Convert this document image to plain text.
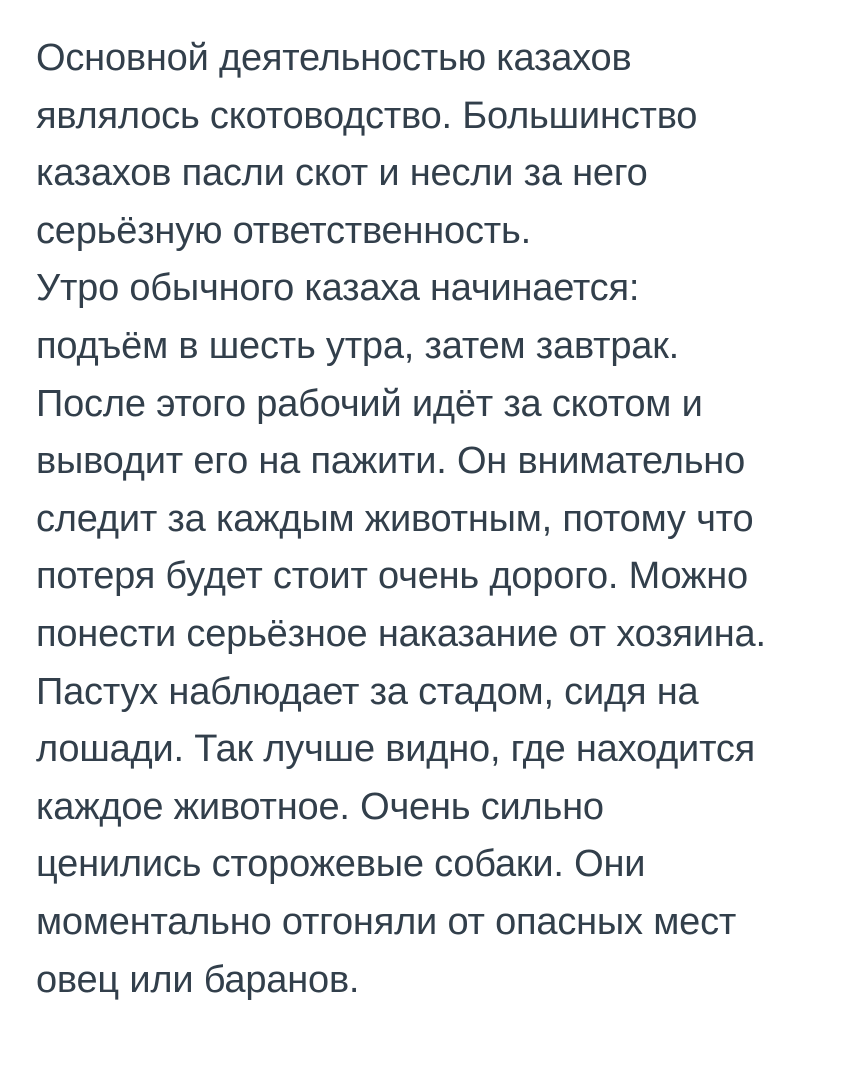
Основной деятельностью казахов
являлось скотоводство. Большинство
казахов пасли скот и несли за него
серьёзную ответственность.
Утро обычного казаха начинается:
подъём в шесть утра, затем завтрак.
После этого рабочий идёт за скотом и
выводит его на пажити. Он внимательно
следит за каждым животным, потому что
потеря будет стоит очень дорого. Можно
понести серьёзное наказание от хозяина.
Пастух наблюдает за стадом, сидя на
лошади. Так лучше видно, где находится
каждое животное. Очень сильно
ценились сторожевые собаки. Они
моментально отгоняли от опасных мест
овец или баранов.
